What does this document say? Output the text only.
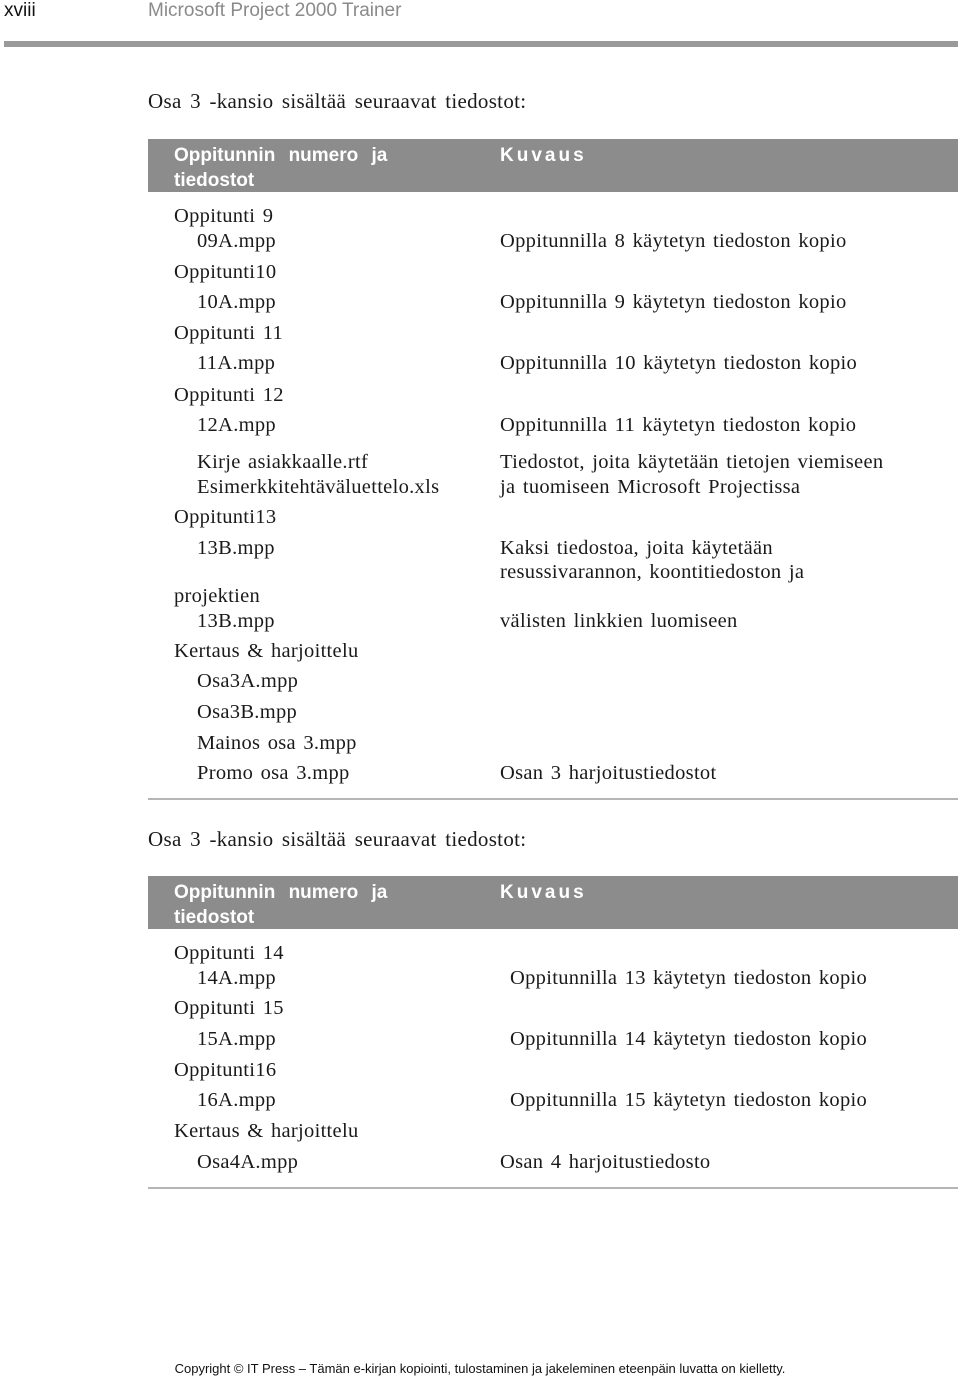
xviii	Microsoft Project 2000 Trainer
Osa 3 -kansio sisältää seuraavat tiedostot:
Oppitunnin numero ja tiedostot
Kuvaus
Oppitunti 9
09A.mpp
Oppitunti10
10A.mpp
Oppitunti 11
11A.mpp
Oppitunti 12
12A.mpp
Kirje asiakkaalle.rtf
Esimerkkitehtäväluettelo.xls
Oppitunti13
13B.mpp
projektien
13B.mpp
Kertaus & harjoittelu
Osa3A.mpp
Osa3B.mpp
Mainos osa 3.mpp
Promo osa 3.mpp
Oppitunnilla 8 käytetyn tiedoston kopio
Oppitunnilla 9 käytetyn tiedoston kopio
Oppitunnilla 10 käytetyn tiedoston kopio
Oppitunnilla 11 käytetyn tiedoston kopio
Tiedostot, joita käytetään tietojen viemiseen
ja tuomiseen Microsoft Projectissa
Kaksi tiedostoa, joita käytetään
resussivarannon, koontitiedoston ja
välisten linkkien luomiseen
Osan 3 harjoitustiedostot
Osa 3 -kansio sisältää seuraavat tiedostot:
Oppitunnin numero ja tiedostot
Kuvaus
Oppitunti 14
14A.mpp
Oppitunti 15
15A.mpp
Oppitunti16
16A.mpp
Kertaus & harjoittelu
Osa4A.mpp
Oppitunnilla 13 käytetyn tiedoston kopio
Oppitunnilla 14 käytetyn tiedoston kopio
Oppitunnilla 15 käytetyn tiedoston kopio
Osan 4 harjoitustiedosto
Copyright © IT Press – Tämän e-kirjan kopiointi, tulostaminen ja jakeleminen eteenpäin luvatta on kielletty.
